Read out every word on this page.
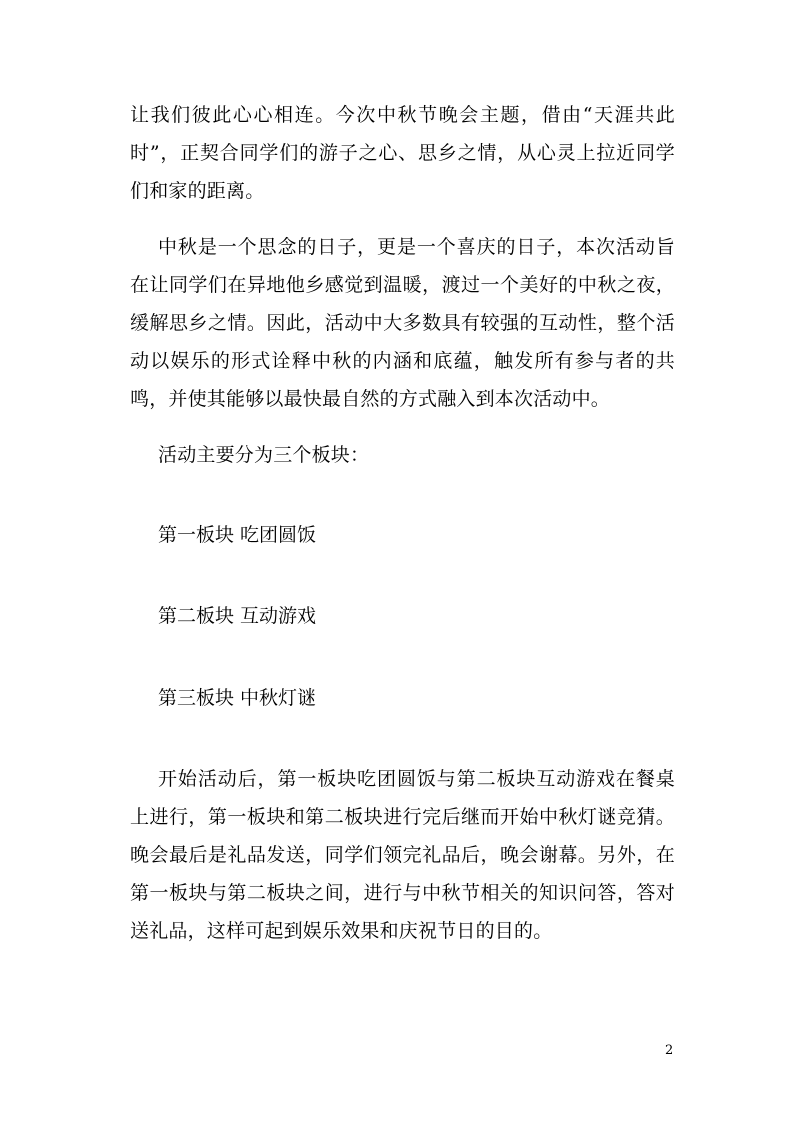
让我们彼此心心相连。今次中秋节晚会主题，借由“天涯共此时”，正契合同学们的游子之心、思乡之情，从心灵上拉近同学们和家的距离。

中秋是一个思念的日子，更是一个喜庆的日子，本次活动旨在让同学们在异地他乡感觉到温暖，渡过一个美好的中秋之夜，缓解思乡之情。因此，活动中大多数具有较强的互动性，整个活动以娱乐的形式诠释中秋的内涵和底蕴，触发所有参与者的共鸣，并使其能够以最快最自然的方式融入到本次活动中。

活动主要分为三个板块：

第一板块 吃团圆饭

第二板块 互动游戏

第三板块 中秋灯谜

开始活动后，第一板块吃团圆饭与第二板块互动游戏在餐桌上进行，第一板块和第二板块进行完后继而开始中秋灯谜竞猜。晚会最后是礼品发送，同学们领完礼品后，晚会谢幕。另外，在第一板块与第二板块之间，进行与中秋节相关的知识问答，答对送礼品，这样可起到娱乐效果和庆祝节日的目的。

2
